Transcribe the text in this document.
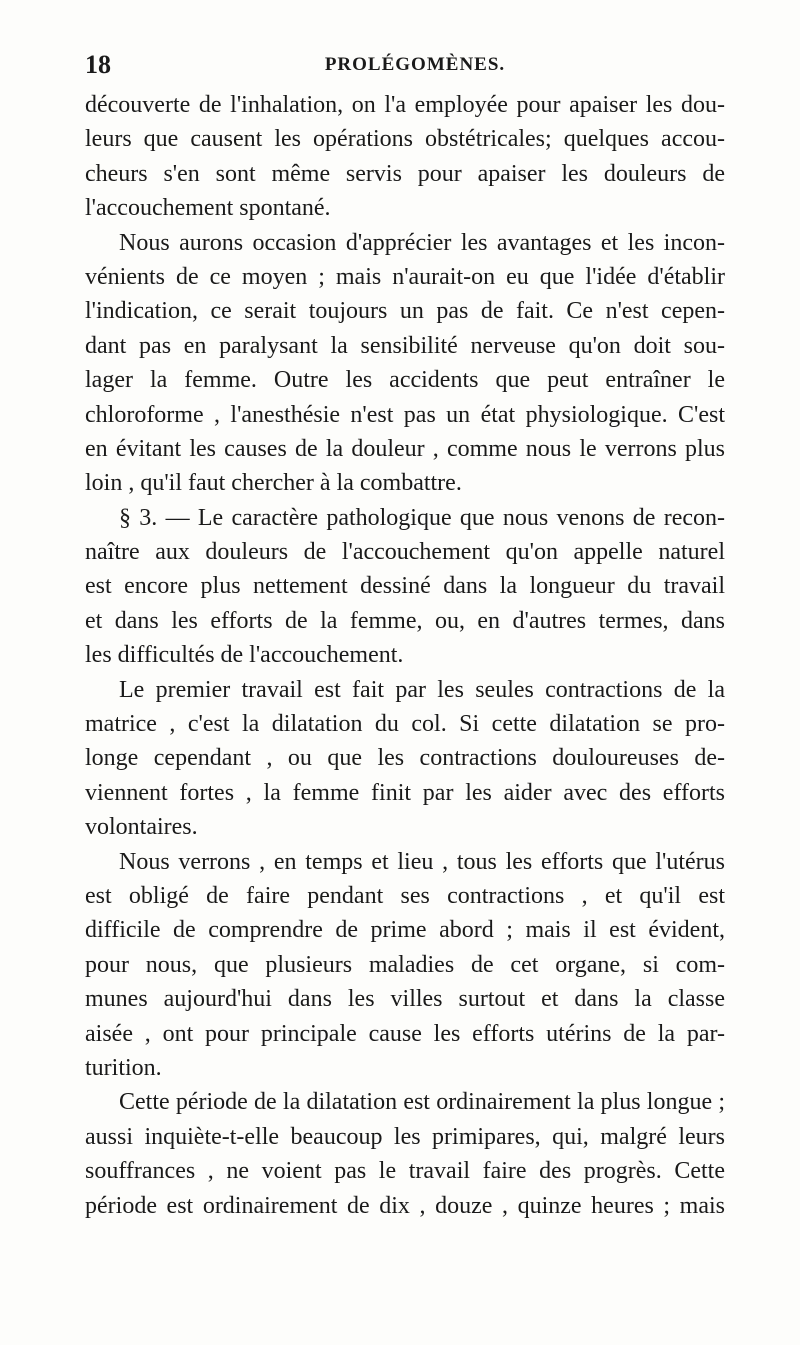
18	PROLÉGOMÈNES.
découverte de l'inhalation, on l'a employée pour apaiser les dou-
leurs que causent les opérations obstétricales; quelques accou-
cheurs s'en sont même servis pour apaiser les douleurs de
l'accouchement spontané.
Nous aurons occasion d'apprécier les avantages et les incon-
vénients de ce moyen ; mais n'aurait-on eu que l'idée d'établir
l'indication, ce serait toujours un pas de fait. Ce n'est cepen-
dant pas en paralysant la sensibilité nerveuse qu'on doit sou-
lager la femme. Outre les accidents que peut entraîner le
chloroforme , l'anesthésie n'est pas un état physiologique. C'est
en évitant les causes de la douleur , comme nous le verrons plus
loin , qu'il faut chercher à la combattre.
§ 3. — Le caractère pathologique que nous venons de recon-
naître aux douleurs de l'accouchement qu'on appelle naturel
est encore plus nettement dessiné dans la longueur du travail
et dans les efforts de la femme, ou, en d'autres termes, dans
les difficultés de l'accouchement.
Le premier travail est fait par les seules contractions de la
matrice , c'est la dilatation du col. Si cette dilatation se pro-
longe cependant , ou que les contractions douloureuses de-
viennent fortes , la femme finit par les aider avec des efforts
volontaires.
Nous verrons , en temps et lieu , tous les efforts que l'utérus
est obligé de faire pendant ses contractions , et qu'il est
difficile de comprendre de prime abord ; mais il est évident,
pour nous, que plusieurs maladies de cet organe, si com-
munes aujourd'hui dans les villes surtout et dans la classe
aisée , ont pour principale cause les efforts utérins de la par-
turition.
Cette période de la dilatation est ordinairement la plus longue ;
aussi inquiète-t-elle beaucoup les primipares, qui, malgré leurs
souffrances , ne voient pas le travail faire des progrès. Cette
période est ordinairement de dix , douze , quinze heures ; mais
